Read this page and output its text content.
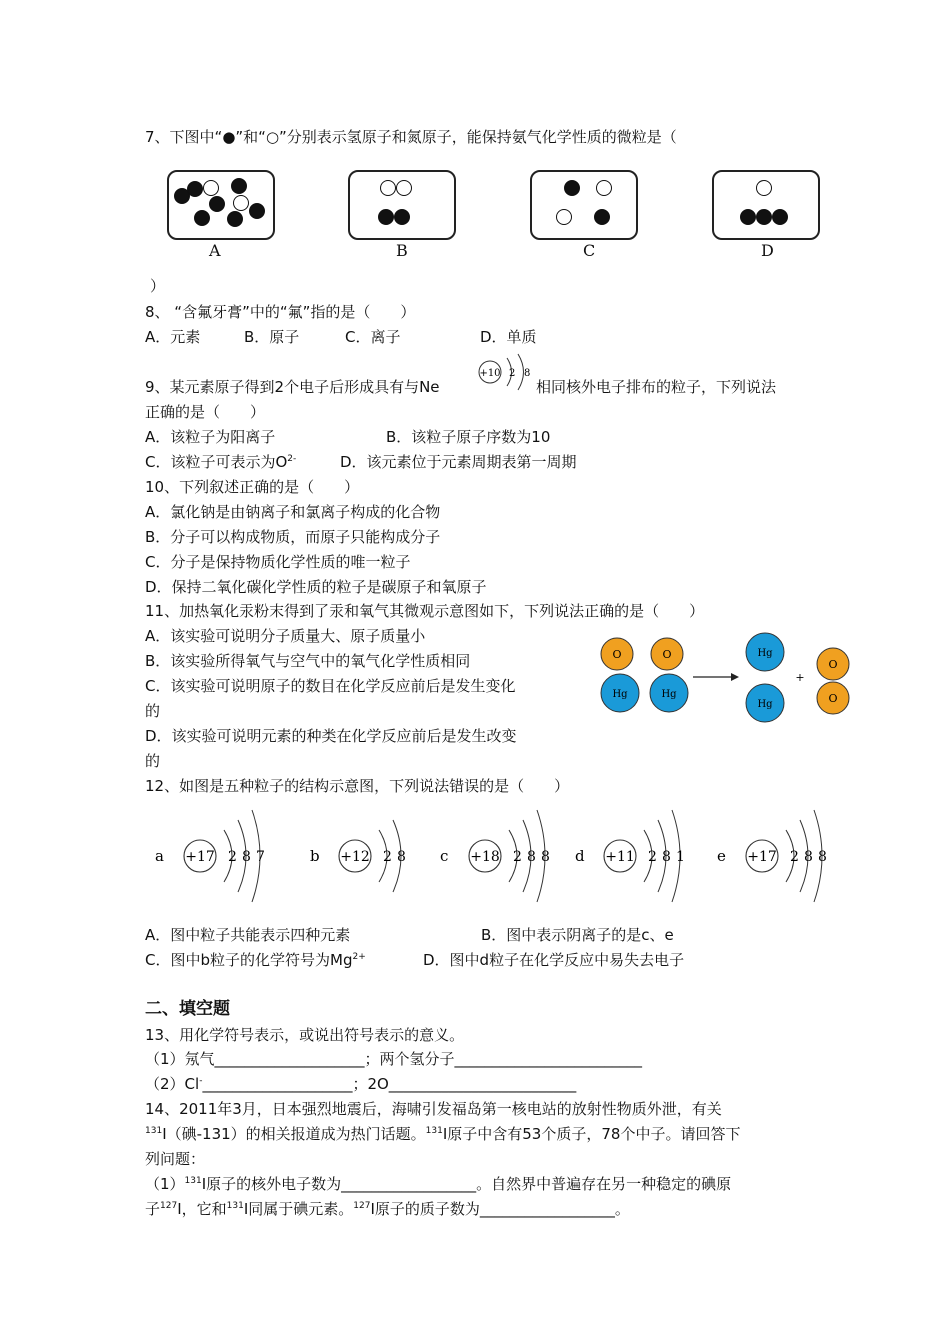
7、下图中“●”和“○”分别表示氢原子和氮原子，能保持氨气化学性质的微粒是（
A	B	C	D
）
8、 “含氟牙膏”中的“氟”指的是（　　）
A．元素	B．原子	C．离子	D．单质
9、某元素原子得到2个电子后形成具有与Ne
+10 2 8
相同核外电子排布的粒子，下列说法
正确的是（　　）
A．该粒子为阳离子	B．该粒子原子序数为10
C．该粒子可表示为$O^{2-}$	D．该元素位于元素周期表第一周期
10、下列叙述正确的是（　　）
A．氯化钠是由钠离子和氯离子构成的化合物
B．分子可以构成物质，而原子只能构成分子
C．分子是保持物质化学性质的唯一粒子
D．保持二氧化碳化学性质的粒子是碳原子和氧原子
11、加热氧化汞粉末得到了汞和氧气其微观示意图如下，下列说法正确的是（　　）
A．该实验可说明分子质量大、原子质量小
B．该实验所得氧气与空气中的氧气化学性质相同
C．该实验可说明原子的数目在化学反应前后是发生变化
的
D．该实验可说明元素的种类在化学反应前后是发生改变
的
O	O
Hg	Hg
Hg
Hg
O
O
+
12、如图是五种粒子的结构示意图，下列说法错误的是（　　）
a +17 2 8 7	b +12 2 8 c +18 2 8 8 d +11 2 8 1 e +17 2 8 8
A．图中粒子共能表示四种元素	B．图中表示阴离子的是c、e
C．图中b粒子的化学符号为$Mg^{2+}$	D．图中d粒子在化学反应中易失去电子
二、填空题
13、用化学符号表示，或说出符号表示的意义。
（1）氖气____________________；两个氢分子_________________________
（2）Cl-____________________；2O_________________________
14、2011年3月，日本强烈地震后，海啸引发福岛第一核电站的放射性物质外泄，有关
$^{131}$I（碘-131）的相关报道成为热门话题。$^{131}$I原子中含有53个质子，78个中子。请回答下
列问题：
$(1)^{131}I$原子的核外电子数为__________________。自然界中普遍存在另一种稳定的碘原
子$^{127}$I，它和$^{131}$I同属于碘元素。$^{127}$I原子的质子数为__________________。
